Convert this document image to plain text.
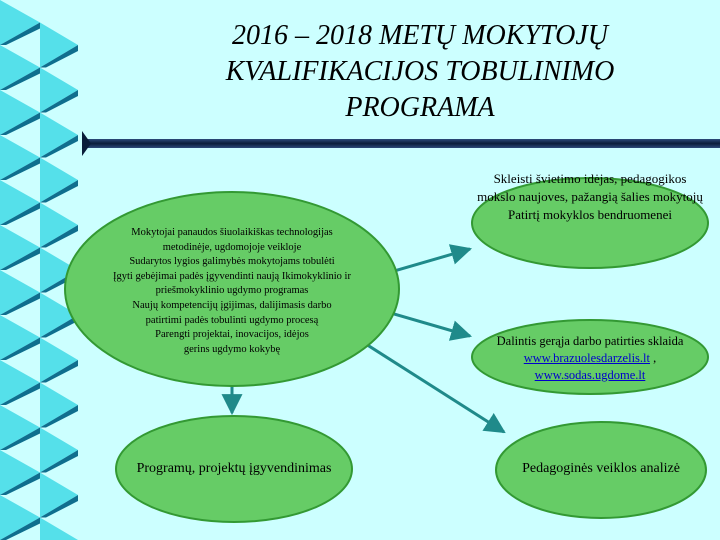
2016 – 2018 METŲ MOKYTOJŲ
KVALIFIKACIJOS TOBULINIMO
PROGRAMA
Mokytojai panaudos šiuolaikiškas technologijas
metodinėje, ugdomojoje veikloje
Sudarytos lygios galimybės mokytojams tobulėti
Įgyti gebėjimai padės įgyvendinti naują Ikimokyklinio ir
priešmokyklinio ugdymo programas
Naujų kompetencijų įgijimas, dalijimasis darbo
patirtimi padės tobulinti ugdymo procesą
Parengti projektai, inovacijos, idėjos
gerins ugdymo kokybę
Programų, projektų įgyvendinimas
Skleisti švietimo idėjas, pedagogikos
mokslo naujoves, pažangią šalies mokytojų
Patirtį mokyklos bendruomenei
Dalintis gerąja darbo patirties sklaida
www.brazuolesdarzelis.lt ,
www.sodas.ugdome.lt
Pedagoginės veiklos analizė
